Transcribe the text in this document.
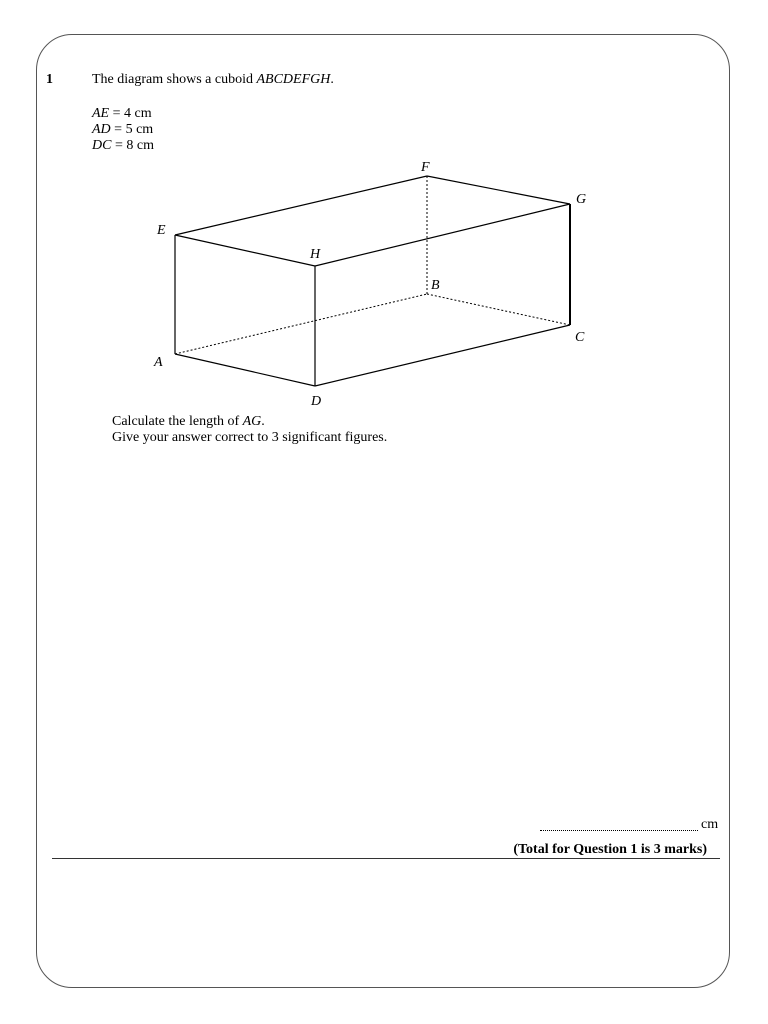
1	The diagram shows a cuboid ABCDEFGH.
AE = 4 cm
AD = 5 cm
DC = 8 cm
F
G
E
H
B
C
A
D
Calculate the length of AG.
Give your answer correct to 3 significant figures.
cm
(Total for Question 1 is 3 marks)
